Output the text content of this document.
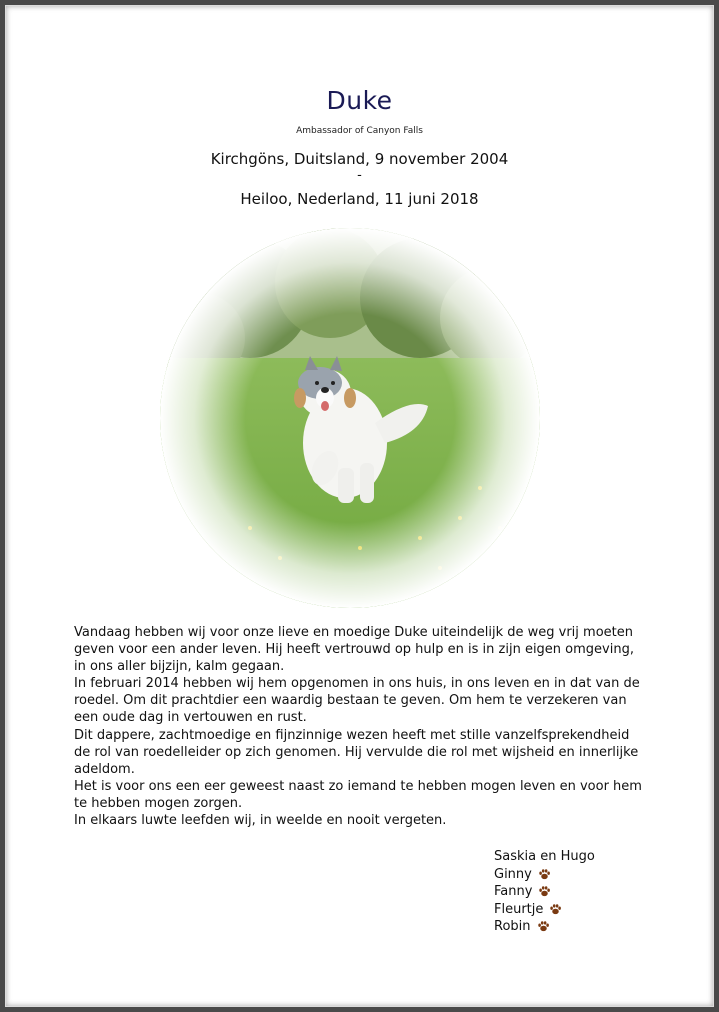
Duke
Ambassador of Canyon Falls
Kirchgöns, Duitsland, 9 november 2004
-
Heiloo, Nederland, 11 juni 2018

Vandaag hebben wij voor onze lieve en moedige Duke uiteindelijk de weg vrij moeten

geven voor een ander leven. Hij heeft vertrouwd op hulp en is in zijn eigen omgeving,

in ons aller bijzijn, kalm gegaan.

In februari 2014 hebben wij hem opgenomen in ons huis, in ons leven en in dat van de

roedel. Om dit prachtdier een waardig bestaan te geven. Om hem te verzekeren van

een oude dag in vertouwen en rust.

Dit dappere, zachtmoedige en fijnzinnige wezen heeft met stille vanzelfsprekendheid

de rol van roedelleider op zich genomen. Hij vervulde die rol met wijsheid en innerlijke

adeldom.

Het is voor ons een eer geweest naast zo iemand te hebben mogen leven en voor hem

te hebben mogen zorgen.

In elkaars luwte leefden wij, in weelde en nooit vergeten.

Saskia en Hugo
Ginny
Fanny
Fleurtje
Robin
